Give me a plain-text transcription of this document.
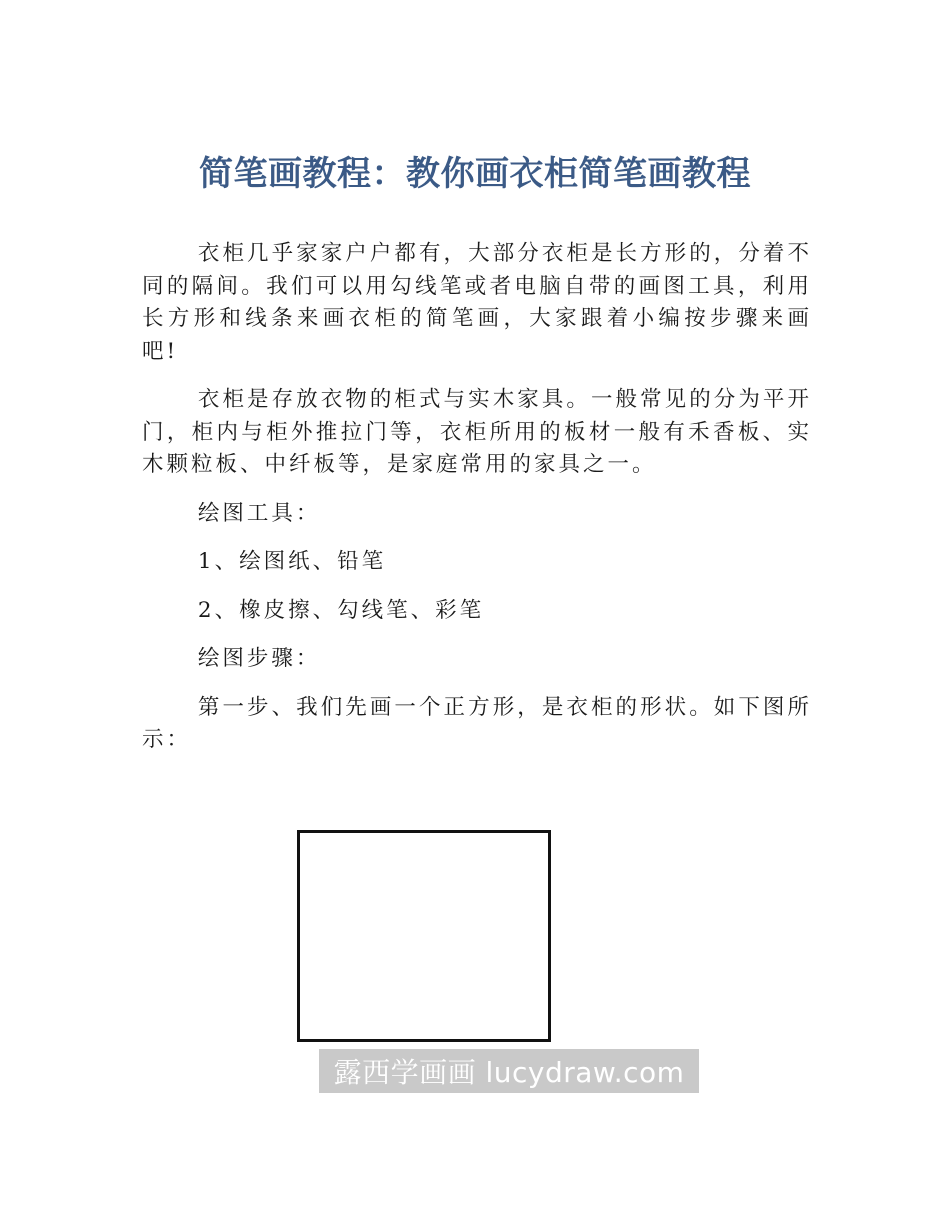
简笔画教程：教你画衣柜简笔画教程

衣柜几乎家家户户都有，大部分衣柜是长方形的，分着不同的隔间。我们可以用勾线笔或者电脑自带的画图工具，利用长方形和线条来画衣柜的简笔画，大家跟着小编按步骤来画吧!

衣柜是存放衣物的柜式与实木家具。一般常见的分为平开门，柜内与柜外推拉门等，衣柜所用的板材一般有禾香板、实木颗粒板、中纤板等，是家庭常用的家具之一。

绘图工具：

1、绘图纸、铅笔

2、橡皮擦、勾线笔、彩笔

绘图步骤：

第一步、我们先画一个正方形，是衣柜的形状。如下图所示：

露西学画画 lucydraw.com
